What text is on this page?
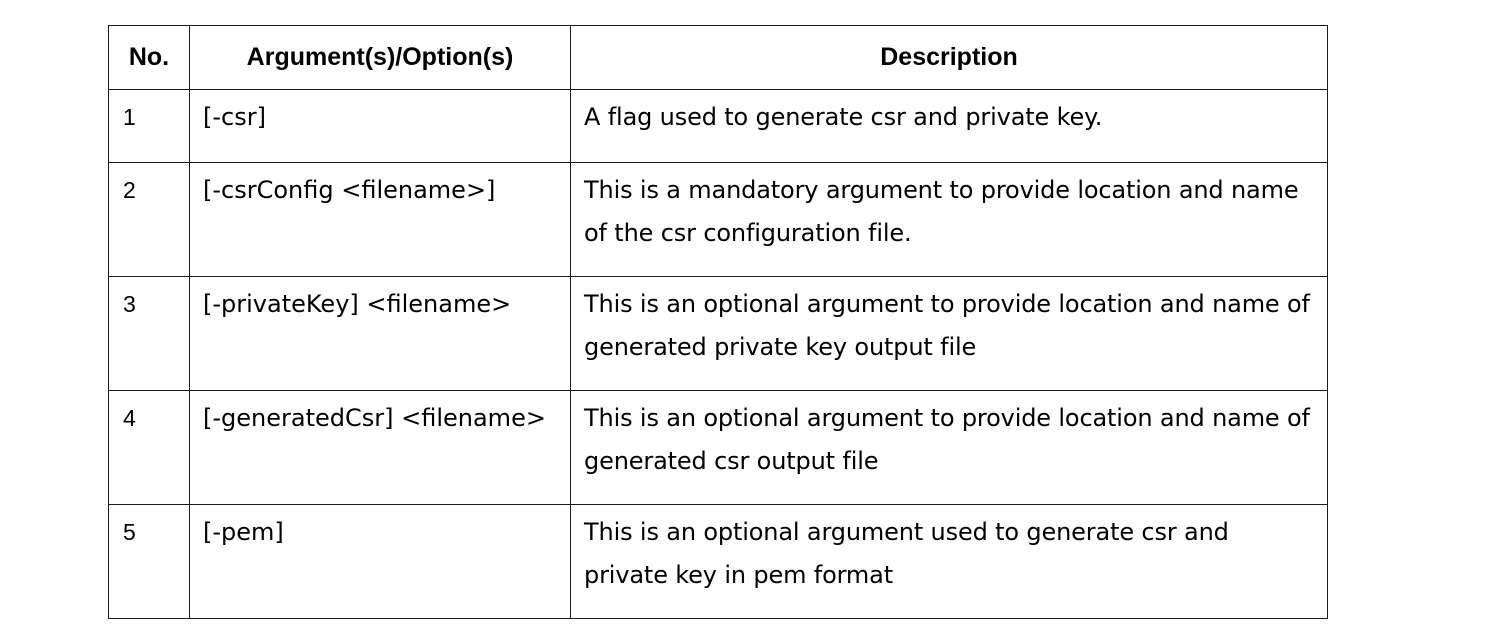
No.	Argument(s)/Option(s)	Description
1	[-csr]	A flag used to generate csr and private key.

2	[-csrConfig <filename>]	This is a mandatory argument to provide location and name of the csr configuration file.

3	[-privateKey] <filename>	This is an optional argument to provide location and name of generated private key output file

4	[-generatedCsr] <filename>	This is an optional argument to provide location and name of generated csr output file

5	[-pem]	This is an optional argument used to generate csr and private key in pem format
